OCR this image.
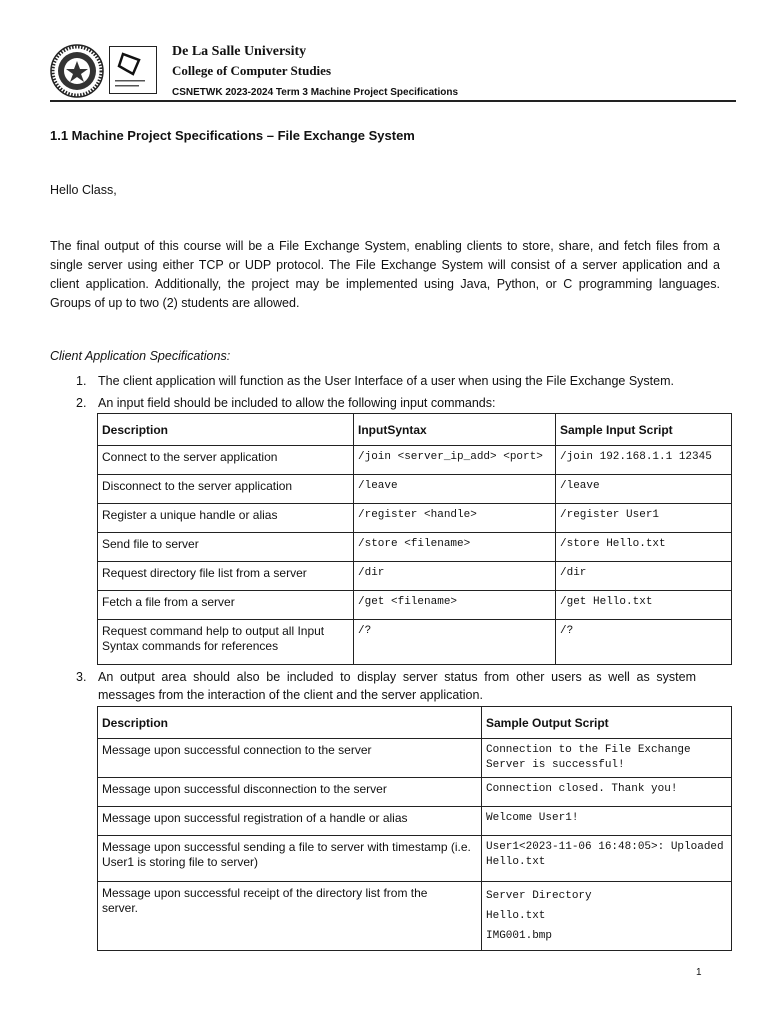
De La Salle University
College of Computer Studies
CSNETWK 2023-2024 Term 3 Machine Project Specifications
1.1 Machine Project Specifications – File Exchange System
Hello Class,
The final output of this course will be a File Exchange System, enabling clients to store, share, and fetch files from a single server using either TCP or UDP protocol. The File Exchange System will consist of a server application and a client application. Additionally, the project may be implemented using Java, Python, or C programming languages. Groups of up to two (2) students are allowed.
Client Application Specifications:
1. The client application will function as the User Interface of a user when using the File Exchange System.
2. An input field should be included to allow the following input commands:
Description	InputSyntax	Sample Input Script
Connect to the server application	/join <server_ip_add> <port>	/join 192.168.1.1 12345
Disconnect to the server application	/leave	/leave
Register a unique handle or alias	/register <handle>	/register User1
Send file to server	/store <filename>	/store Hello.txt
Request directory file list from a server	/dir	/dir
Fetch a file from a server	/get <filename>	/get Hello.txt
Request command help to output all Input Syntax commands for references	/?	/?
3. An output area should also be included to display server status from other users as well as system messages from the interaction of the client and the server application.
Description	Sample Output Script
Message upon successful connection to the server	Connection to the File Exchange Server is successful!
Message upon successful disconnection to the server	Connection closed. Thank you!
Message upon successful registration of a handle or alias	Welcome User1!
Message upon successful sending a file to server with timestamp (i.e. User1 is storing file to server)	User1<2023-11-06 16:48:05>: Uploaded Hello.txt

Message upon successful receipt of the directory list from the server.	Server Directory
Hello.txt
IMG001.bmp
1
